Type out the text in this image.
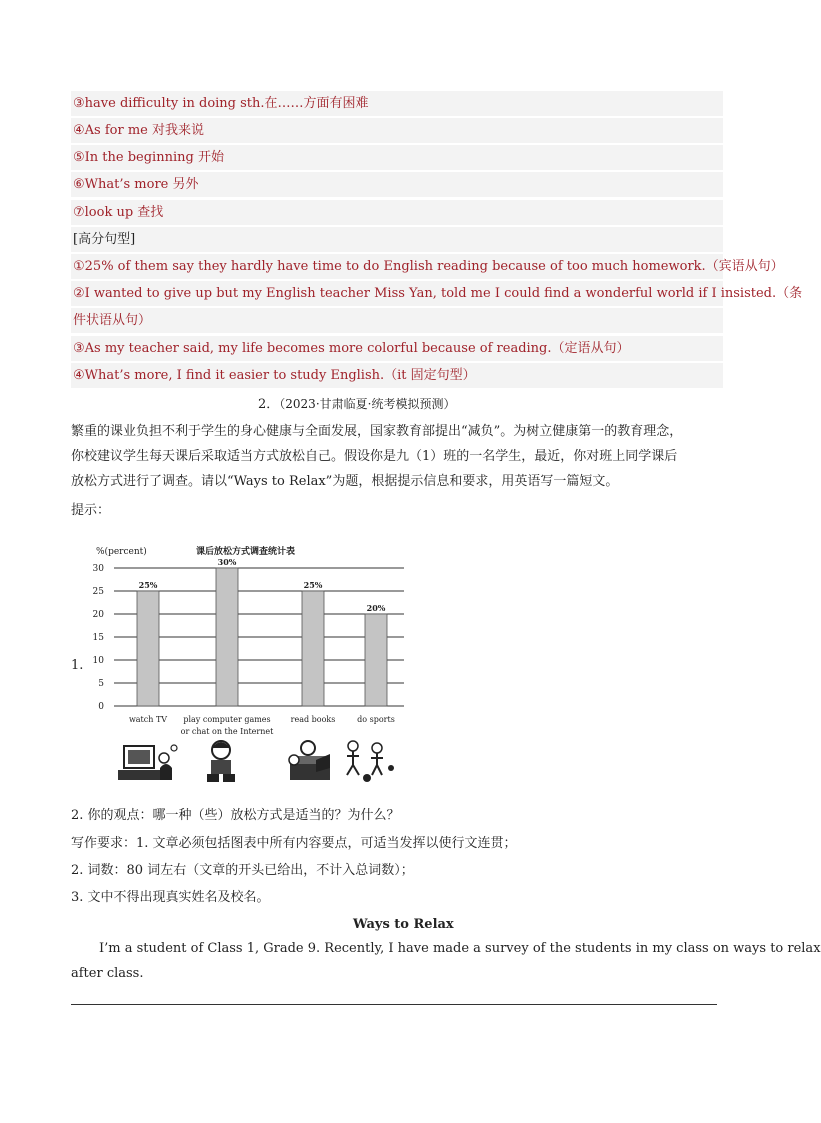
③have difficulty in doing sth.在……方面有困难
④As for me 对我来说
⑤In the beginning 开始
⑥What’s more 另外
⑦look up 查找
[高分句型]
①25% of them say they hardly have time to do English reading because of too much homework.（宾语从句）
②I wanted to give up but my English teacher Miss Yan, told me I could find a wonderful world if I insisted.（条
件状语从句）
③As my teacher said, my life becomes more colorful because of reading.（定语从句）
④What’s more, I find it easier to study English.（it 固定句型）
2．（2023·甘肃临夏·统考模拟预测）
繁重的课业负担不利于学生的身心健康与全面发展，国家教育部提出“减负”。为树立健康第一的教育理念，
你校建议学生每天课后采取适当方式放松自己。假设你是九（1）班的一名学生，最近，你对班上同学课后
放松方式进行了调查。请以“Ways to Relax”为题，根据提示信息和要求，用英语写一篇短文。
提示：
1.
%(percent)	课后放松方式调查统计表
25%
30%
25%
20%
0
5
10
15
20
25
30
watch TV play computer games
or chat on the Internet
read books	do sports
2. 你的观点：哪一种（些）放松方式是适当的？为什么？
写作要求：1. 文章必须包括图表中所有内容要点，可适当发挥以使行文连贯；
2. 词数：80 词左右（文章的开头已给出，不计入总词数）；
3. 文中不得出现真实姓名及校名。
Ways to Relax
I’m a student of Class 1, Grade 9. Recently, I have made a survey of the students in my class on ways to relax
after class.
